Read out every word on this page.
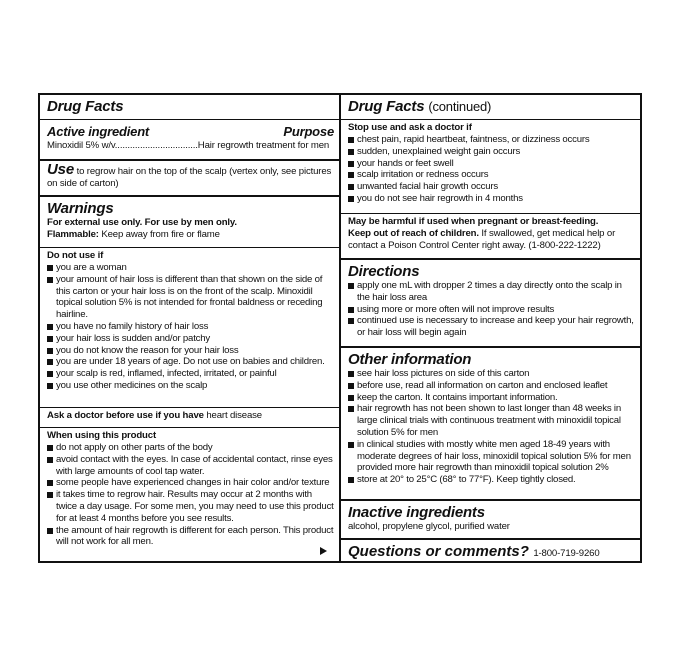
Drug Facts
Active ingredient	Purpose
Minoxidil 5% w/v.................................Hair regrowth treatment for men
Use to regrow hair on the top of the scalp (vertex only, see pictures on side of carton)
Warnings
For external use only. For use by men only.
Flammable: Keep away from fire or flame
Do not use if
you are a woman
your amount of hair loss is different than that shown on the side of this carton or your hair loss is on the front of the scalp. Minoxidil topical solution 5% is not intended for frontal baldness or receding hairline.
you have no family history of hair loss
your hair loss is sudden and/or patchy
you do not know the reason for your hair loss
you are under 18 years of age. Do not use on babies and children.
your scalp is red, inflamed, infected, irritated, or painful
you use other medicines on the scalp
Ask a doctor before use if you have heart disease
When using this product
do not apply on other parts of the body
avoid contact with the eyes. In case of accidental contact, rinse eyes with large amounts of cool tap water.
some people have experienced changes in hair color and/or texture
it takes time to regrow hair. Results may occur at 2 months with twice a day usage. For some men, you may need to use this product for at least 4 months before you see results.
the amount of hair regrowth is different for each person. This product will not work for all men.
Drug Facts (continued)
Stop use and ask a doctor if
chest pain, rapid heartbeat, faintness, or dizziness occurs
sudden, unexplained weight gain occurs
your hands or feet swell
scalp irritation or redness occurs
unwanted facial hair growth occurs
you do not see hair regrowth in 4 months
May be harmful if used when pregnant or breast-feeding.
Keep out of reach of children. If swallowed, get medical help or contact a Poison Control Center right away. (1-800-222-1222)
Directions
apply one mL with dropper 2 times a day directly onto the scalp in the hair loss area
using more or more often will not improve results
continued use is necessary to increase and keep your hair regrowth, or hair loss will begin again
Other information
see hair loss pictures on side of this carton
before use, read all information on carton and enclosed leaflet
keep the carton. It contains important information.
hair regrowth has not been shown to last longer than 48 weeks in large clinical trials with continuous treatment with minoxidil topical solution 5% for men
in clinical studies with mostly white men aged 18-49 years with moderate degrees of hair loss, minoxidil topical solution 5% for men provided more hair regrowth than minoxidil topical solution 2%
store at 20° to 25°C (68° to 77°F). Keep tightly closed.
Inactive ingredients
alcohol, propylene glycol, purified water
Questions or comments? 1-800-719-9260
